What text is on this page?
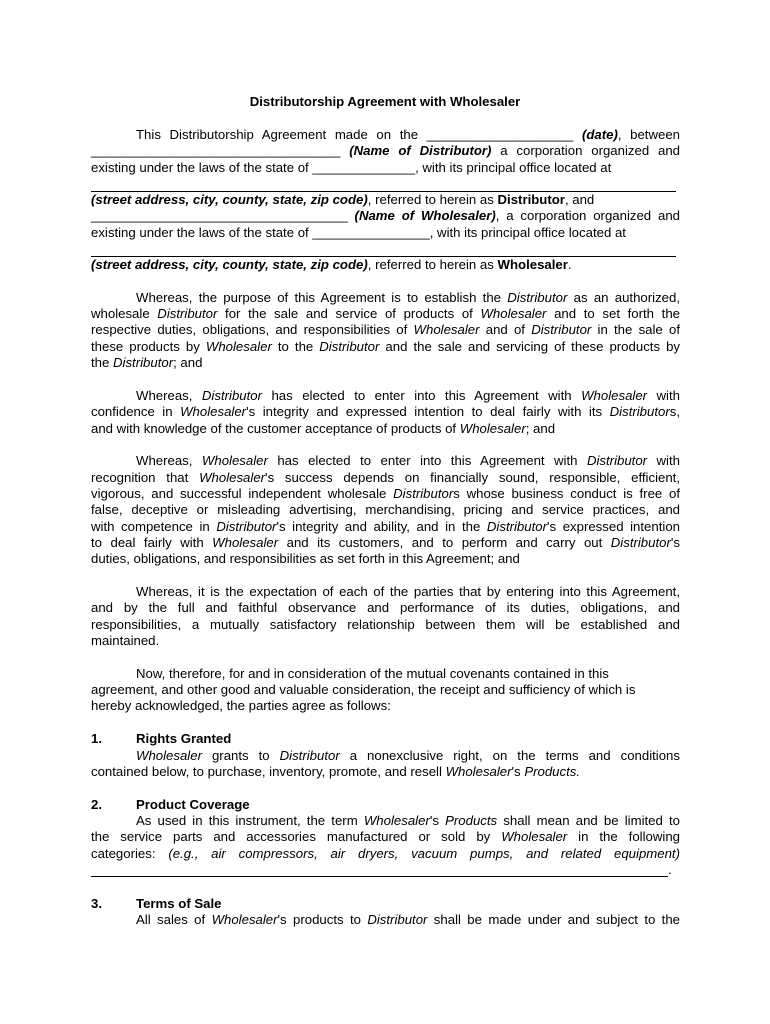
Distributorship Agreement with Wholesaler
This Distributorship Agreement made on the ____________________ (date), between
__________________________________ (Name of Distributor) a corporation organized and
existing under the laws of the state of ______________, with its principal office located at
(street address, city, county, state, zip code), referred to herein as Distributor, and
___________________________________ (Name of Wholesaler), a corporation organized and
existing under the laws of the state of ________________, with its principal office located at
(street address, city, county, state, zip code), referred to herein as Wholesaler.
Whereas, the purpose of this Agreement is to establish the Distributor as an authorized,
wholesale Distributor for the sale and service of products of Wholesaler and to set forth the
respective duties, obligations, and responsibilities of Wholesaler and of Distributor in the sale of
these products by Wholesaler to the Distributor and the sale and servicing of these products by
the Distributor; and
Whereas, Distributor has elected to enter into this Agreement with Wholesaler with
confidence in Wholesaler's integrity and expressed intention to deal fairly with its Distributors,
and with knowledge of the customer acceptance of products of Wholesaler; and
Whereas, Wholesaler has elected to enter into this Agreement with Distributor with
recognition that Wholesaler's success depends on financially sound, responsible, efficient,
vigorous, and successful independent wholesale Distributors whose business conduct is free of
false, deceptive or misleading advertising, merchandising, pricing and service practices, and
with competence in Distributor's integrity and ability, and in the Distributor's expressed intention
to deal fairly with Wholesaler and its customers, and to perform and carry out Distributor's
duties, obligations, and responsibilities as set forth in this Agreement; and
Whereas, it is the expectation of each of the parties that by entering into this Agreement,
and by the full and faithful observance and performance of its duties, obligations, and
responsibilities, a mutually satisfactory relationship between them will be established and
maintained.
Now, therefore, for and in consideration of the mutual covenants contained in this
agreement, and other good and valuable consideration, the receipt and sufficiency of which is
hereby acknowledged, the parties agree as follows:
1.	Rights Granted
Wholesaler grants to Distributor a nonexclusive right, on the terms and conditions
contained below, to purchase, inventory, promote, and resell Wholesaler's Products.
2.	Product Coverage
As used in this instrument, the term Wholesaler's Products shall mean and be limited to
the service parts and accessories manufactured or sold by Wholesaler in the following
categories: (e.g., air compressors, air dryers, vacuum pumps, and related equipment)
.
3.	Terms of Sale
All sales of Wholesaler's products to Distributor shall be made under and subject to the
